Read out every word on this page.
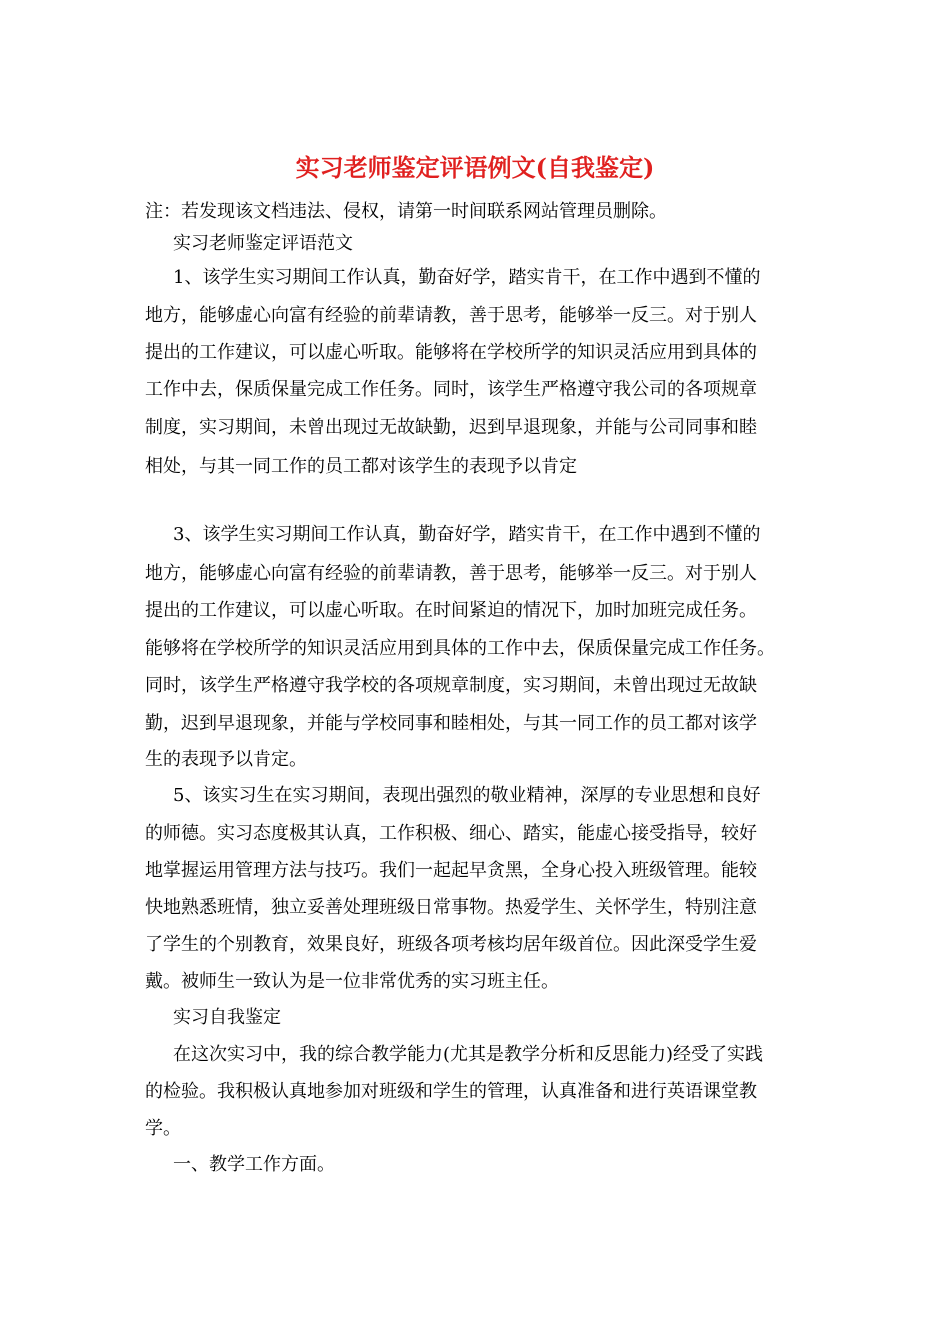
实习老师鉴定评语例文(自我鉴定)
注：若发现该文档违法、侵权，请第一时间联系网站管理员删除。
实习老师鉴定评语范文
1、该学生实习期间工作认真，勤奋好学，踏实肯干，在工作中遇到不懂的
地方，能够虚心向富有经验的前辈请教，善于思考，能够举一反三。对于别人
提出的工作建议，可以虚心听取。能够将在学校所学的知识灵活应用到具体的
工作中去，保质保量完成工作任务。同时，该学生严格遵守我公司的各项规章
制度，实习期间，未曾出现过无故缺勤，迟到早退现象，并能与公司同事和睦
相处，与其一同工作的员工都对该学生的表现予以肯定
3、该学生实习期间工作认真，勤奋好学，踏实肯干，在工作中遇到不懂的
地方，能够虚心向富有经验的前辈请教，善于思考，能够举一反三。对于别人
提出的工作建议，可以虚心听取。在时间紧迫的情况下，加时加班完成任务。
能够将在学校所学的知识灵活应用到具体的工作中去，保质保量完成工作任务。
同时，该学生严格遵守我学校的各项规章制度，实习期间，未曾出现过无故缺
勤，迟到早退现象，并能与学校同事和睦相处，与其一同工作的员工都对该学
生的表现予以肯定。
5、该实习生在实习期间，表现出强烈的敬业精神，深厚的专业思想和良好
的师德。实习态度极其认真，工作积极、细心、踏实，能虚心接受指导，较好
地掌握运用管理方法与技巧。我们一起起早贪黑，全身心投入班级管理。能较
快地熟悉班情，独立妥善处理班级日常事物。热爱学生、关怀学生，特别注意
了学生的个别教育，效果良好，班级各项考核均居年级首位。因此深受学生爱
戴。被师生一致认为是一位非常优秀的实习班主任。
实习自我鉴定
在这次实习中，我的综合教学能力(尤其是教学分析和反思能力)经受了实践
的检验。我积极认真地参加对班级和学生的管理，认真准备和进行英语课堂教
学。
一、教学工作方面。
